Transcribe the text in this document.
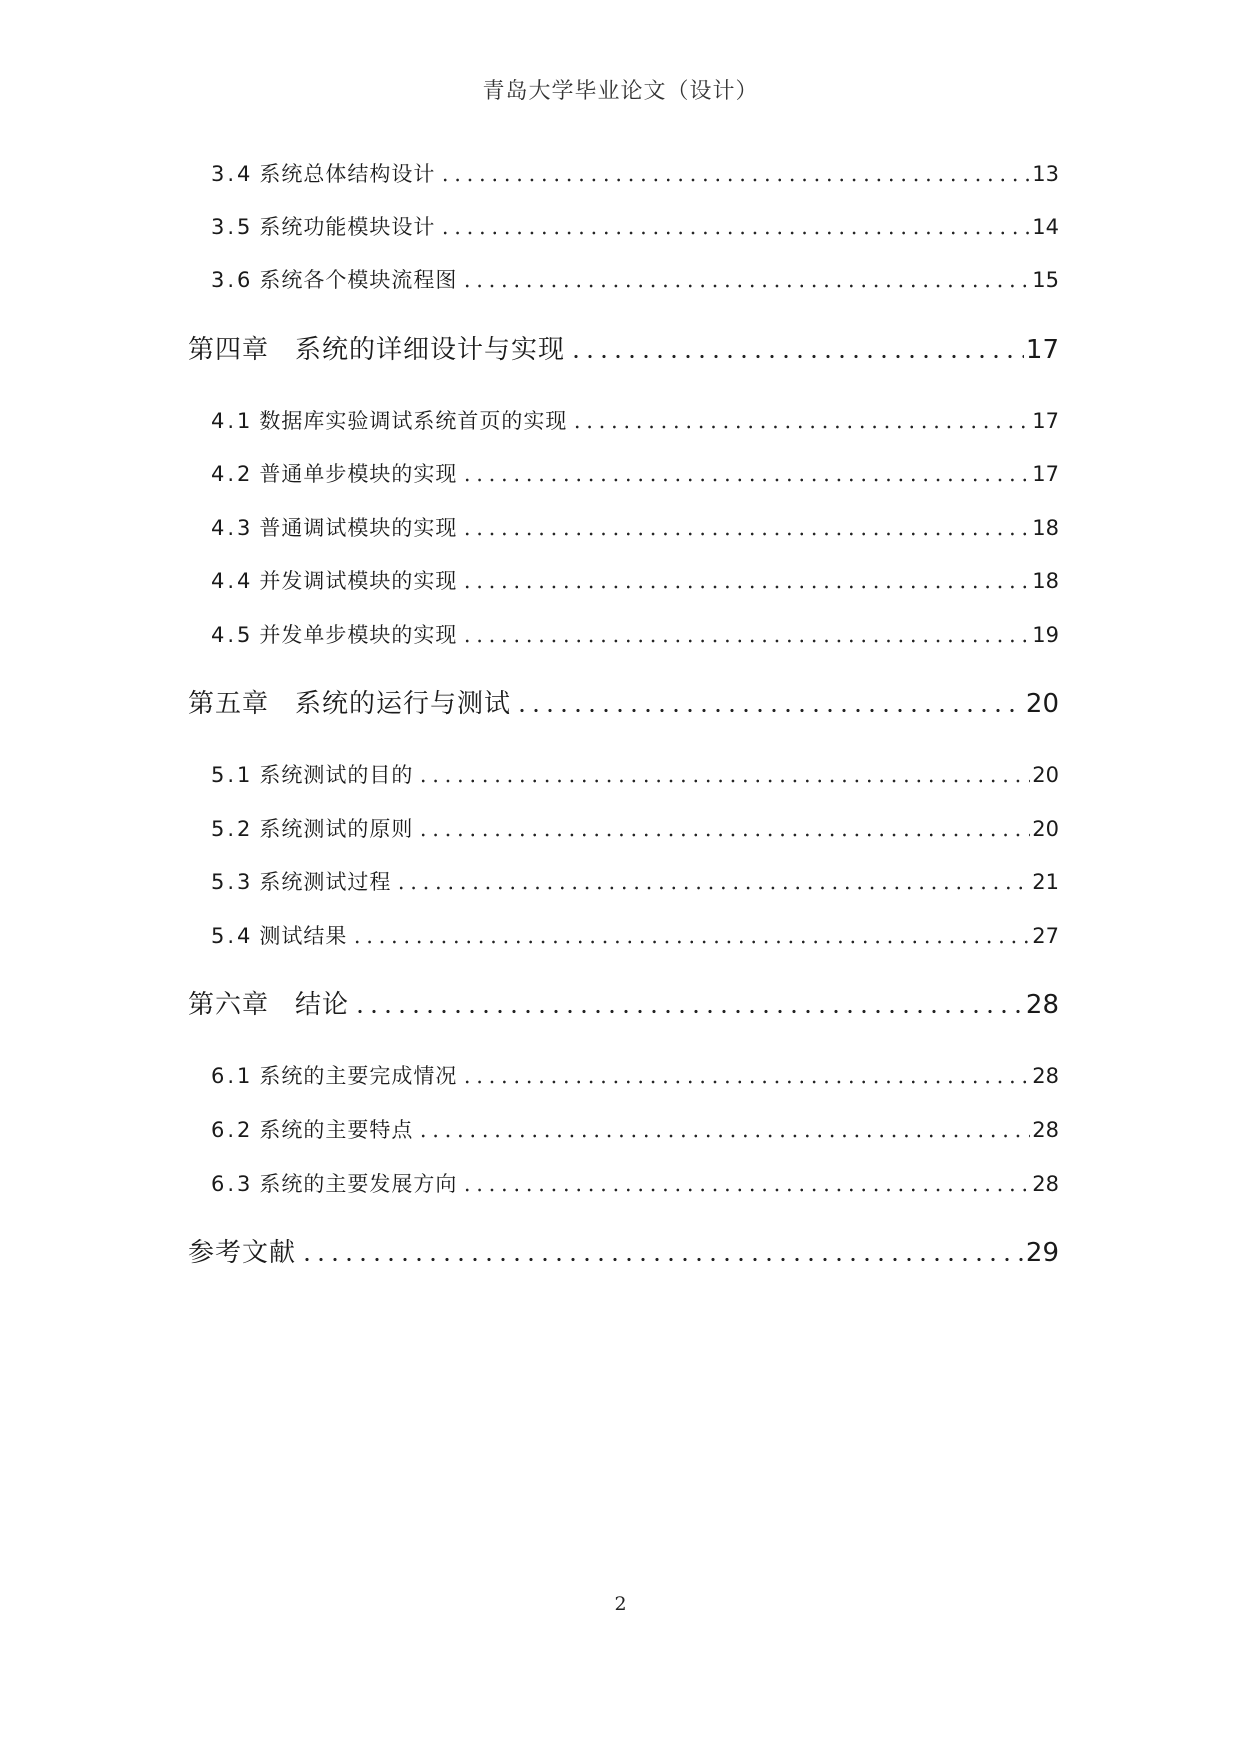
青岛大学毕业论文（设计）
3.4 系统总体结构设计	13
3.5 系统功能模块设计	14
3.6 系统各个模块流程图	15
第四章 系统的详细设计与实现	17
4.1 数据库实验调试系统首页的实现	17
4.2 普通单步模块的实现	17
4.3 普通调试模块的实现	18
4.4 并发调试模块的实现	18
4.5 并发单步模块的实现	19
第五章 系统的运行与测试	20
5.1 系统测试的目的	20
5.2 系统测试的原则	20
5.3 系统测试过程	21
5.4 测试结果	27
第六章 结论	28
6.1 系统的主要完成情况	28
6.2 系统的主要特点	28
6.3 系统的主要发展方向	28
参考文献	29
2
